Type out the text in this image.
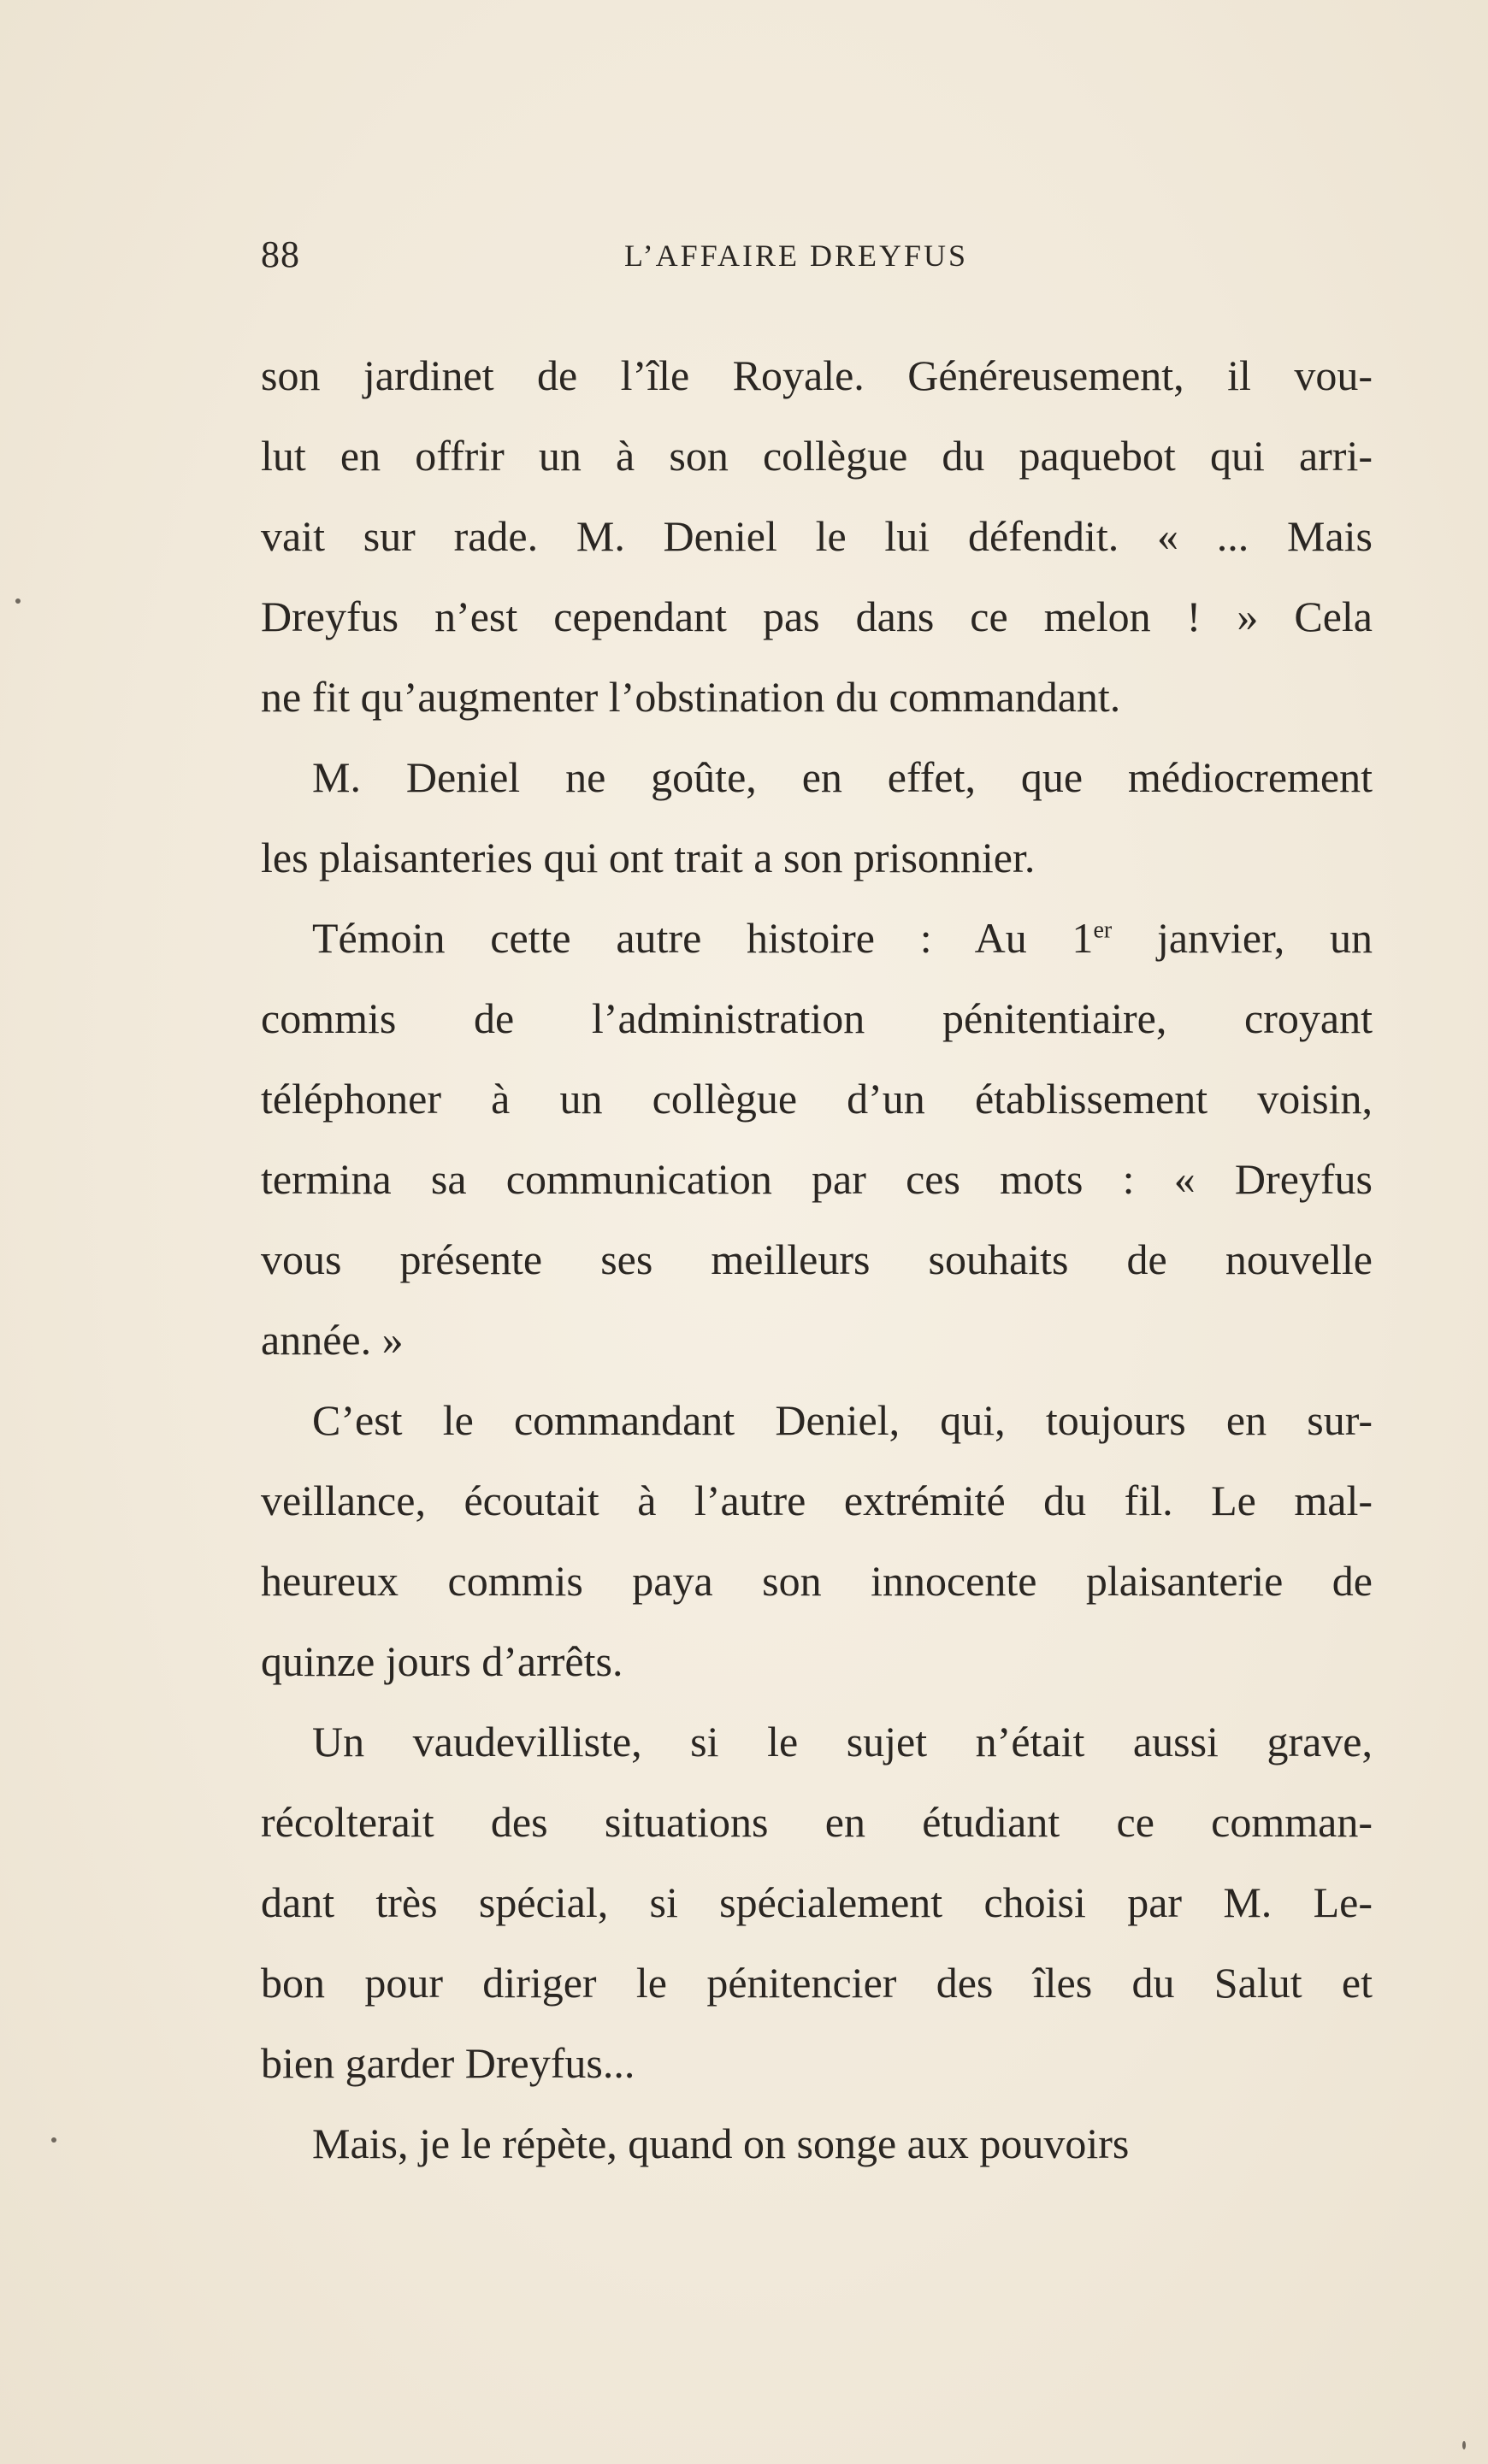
88	L’AFFAIRE DREYFUS
son jardinet de l’île Royale. Généreusement, il vou-
lut en offrir un à son collègue du paquebot qui arri-
vait sur rade. M. Deniel le lui défendit. « ... Mais
Dreyfus n’est cependant pas dans ce melon ! » Cela
ne fit qu’augmenter l’obstination du commandant.
M. Deniel ne goûte, en effet, que médiocrement
les plaisanteries qui ont trait a son prisonnier.
Témoin cette autre histoire : Au 1er janvier, un
commis de l’administration pénitentiaire, croyant
téléphoner à un collègue d’un établissement voisin,
termina sa communication par ces mots : « Dreyfus
vous présente ses meilleurs souhaits de nouvelle
année. »
C’est le commandant Deniel, qui, toujours en sur-
veillance, écoutait à l’autre extrémité du fil. Le mal-
heureux commis paya son innocente plaisanterie de
quinze jours d’arrêts.
Un vaudevilliste, si le sujet n’était aussi grave,
récolterait des situations en étudiant ce comman-
dant très spécial, si spécialement choisi par M. Le-
bon pour diriger le pénitencier des îles du Salut et
bien garder Dreyfus...
Mais, je le répète, quand on songe aux pouvoirs
